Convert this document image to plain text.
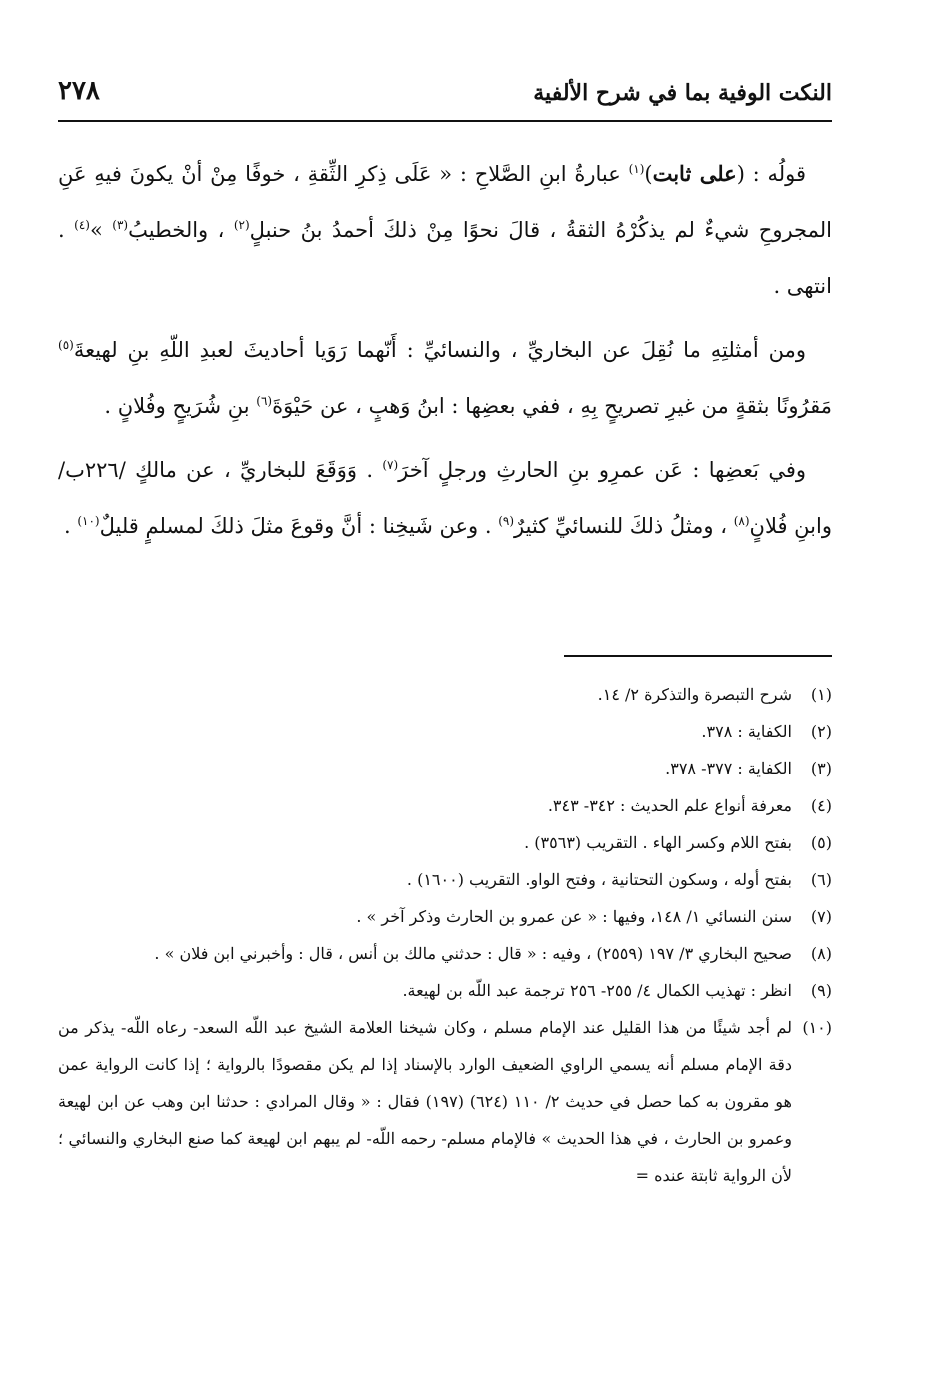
النكت الوفية بما في شرح الألفية
٢٧٨

قولُه : (على ثابت)$^{(١)}$ عبارةُ ابنِ الصَّلاحِ : « عَلَى ذِكرِ الثِّقةِ ، خوفًا مِنْ أنْ يكونَ فيهِ عَنِ المجروحِ شيءٌ لم يذكُرْهُ الثقةُ ، قالَ نحوًا مِنْ ذلكَ أحمدُ بنُ حنبلٍ$^{(٢)}$ ، والخطيبُ$^{(٣)}$ »$^{(٤)}$ . انتهى .

ومن أمثلتِهِ ما نُقِلَ عن البخاريِّ ، والنسائيِّ : أَنّهما رَوَيا أحاديثَ لعبدِ اللّهِ بنِ لهيعةَ$^{(٥)}$ مَقرُونًا بثقةٍ من غيرِ تصريحٍ بِهِ ، ففي بعضِها : ابنُ وَهبٍ ، عن حَيْوَةَ$^{(٦)}$ بنِ شُرَيحٍ وفُلانٍ .

وفي بَعضِها : عَن عمرِو بنِ الحارثِ ورجلٍ آخرَ$^{(٧)}$ . وَوَقَعَ للبخاريِّ ، عن مالكٍ /٢٢٦ب/ وابنِ فُلانٍ$^{(٨)}$ ، ومثلُ ذلكَ للنسائيِّ كثيرٌ$^{(٩)}$ . وعن شَيخِنا : أنَّ وقوعَ مثلَ ذلكَ لمسلمٍ قليلٌ$^{(١٠)}$ .

(١)شرح التبصرة والتذكرة ٢/ ١٤.

(٢)الكفاية : ٣٧٨.

(٣)الكفاية : ٣٧٧- ٣٧٨.

(٤)معرفة أنواع علم الحديث : ٣٤٢- ٣٤٣.

(٥)بفتح اللام وكسر الهاء . التقريب (٣٥٦٣) .

(٦)بفتح أوله ، وسكون التحتانية ، وفتح الواو. التقريب (١٦٠٠) .

(٧)سنن النسائي ١/ ١٤٨، وفيها : « عن عمرو بن الحارث وذكر آخر » .

(٨)صحيح البخاري ٣/ ١٩٧ (٢٥٥٩) ، وفيه : « قال : حدثني مالك بن أنس ، قال : وأخبرني ابن فلان » .

(٩)انظر : تهذيب الكمال ٤/ ٢٥٥- ٢٥٦ ترجمة عبد اللّه بن لهيعة.

(١٠)لم أجد شيئًا من هذا القليل عند الإمام مسلم ، وكان شيخنا العلامة الشيخ عبد اللّه السعد- رعاه اللّه- يذكر من دقة الإمام مسلم أنه يسمي الراوي الضعيف الوارد بالإسناد إذا لم يكن مقصودًا بالرواية ؛ إذا كانت الرواية عمن هو مقرون به كما حصل في حديث ٢/ ١١٠ (٦٢٤) (١٩٧) فقال : « وقال المرادي : حدثنا ابن وهب عن ابن لهيعة وعمرو بن الحارث ، في هذا الحديث » فالإمام مسلم- رحمه اللّه- لم يبهم ابن لهيعة كما صنع البخاري والنسائي ؛ لأن الرواية ثابتة عنده =
